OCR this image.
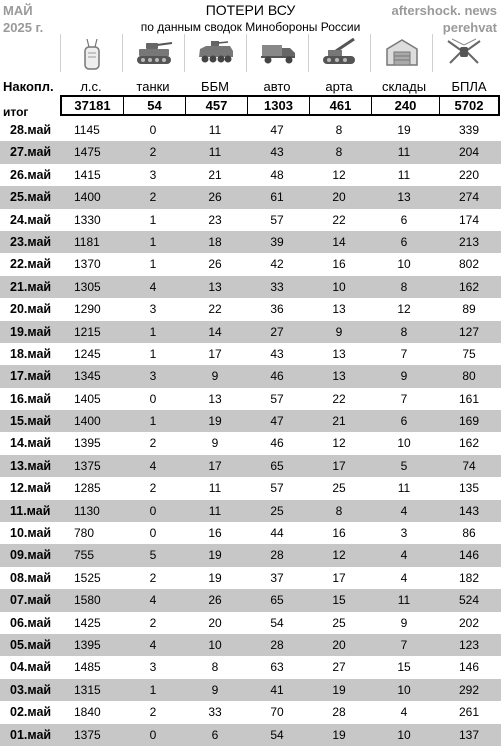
МАЙ
2025 г.
ПОТЕРИ ВСУ
по данным сводок Минобороны России
aftershock. news
perehvat
Накопл.	л.с.	танки	ББМ	авто	арта	склады	БПЛА
итог	37181	54	457	1303	461	240	5702
28.май 1145	0	11	47	8	19	339
27.май 1475	2	11	43	8	11	204
26.май 1415	3	21	48	12	11	220
25.май 1400	2	26	61	20	13	274
24.май 1330	1	23	57	22	6	174
23.май 1181	1	18	39	14	6	213
22.май 1370	1	26	42	16	10	802
21.май 1305	4	13	33	10	8	162
20.май 1290	3	22	36	13	12	89
19.май 1215	1	14	27	9	8	127
18.май 1245	1	17	43	13	7	75
17.май 1345	3	9	46	13	9	80
16.май 1405	0	13	57	22	7	161
15.май 1400	1	19	47	21	6	169
14.май 1395	2	9	46	12	10	162
13.май 1375	4	17	65	17	5	74
12.май 1285	2	11	57	25	11	135
11.май 1130	0	11	25	8	4	143
10.май 780	0	16	44	16	3	86
09.май 755	5	19	28	12	4	146
08.май 1525	2	19	37	17	4	182
07.май 1580	4	26	65	15	11	524
06.май 1425	2	20	54	25	9	202
05.май 1395	4	10	28	20	7	123
04.май 1485	3	8	63	27	15	146
03.май 1315	1	9	41	19	10	292
02.май 1840	2	33	70	28	4	261
01.май 1375	0	6	54	19	10	137
